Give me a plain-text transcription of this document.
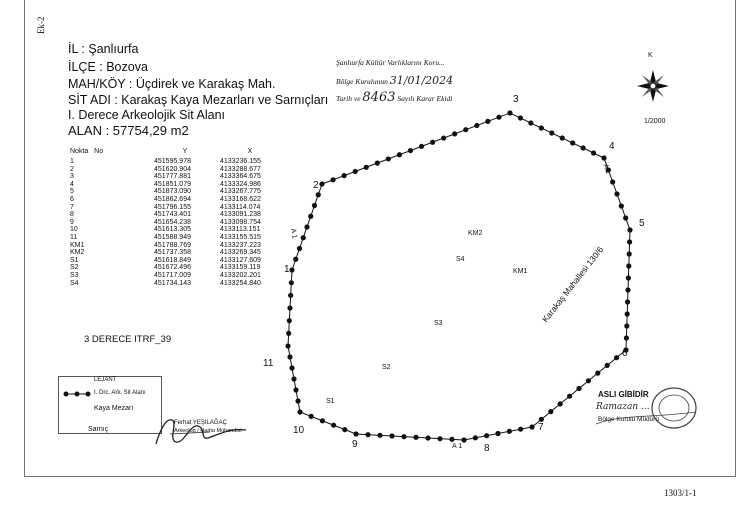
Ek-2
İL : Şanlıurfa
İLÇE : Bozova
MAH/KÖY : Üçdirek ve Karakaş Mah.
SİT ADI : Karakaş Kaya Mezarları ve Sarnıçları
I. Derece Arkeolojik Sit Alanı
ALAN : 57754,29 m2
Şanlıurfa Kültür Varlıklarını Koru...
Bölge Kurulunun 31/01/2024
Tarih ve 8463 Sayılı Karar Ekidi
Nokta No	Y	X
1	451595.978	4133236.155
2	451620.904	4133288.677
3	451777.881	4133364.675
4	451851.079	4133324.986
5	451873.090	4133267.775
6	451862.694	4133168.622
7	451796.155	4133114.074
8	451743.401	4133091.238
9	451654.238	4133098.754
10	451613.305	4133113.151
11	451588.949	4133155.515
KM1	451788.769	4133237.223
KM2	451737.358	4133269.345
S1	451618.849	4133127.609
S2	451672.496	4133159.119
S3	451717.009	4133202.201
S4	451734.143	4133254.840
3 DERECE ITRF_39
K
1/2000
1
2
3
4
5
6
7
8
9
10
11
KM2
S4
KM1
S3
S2
S1
A 1
A 1
A 1
Karakaş Mahallesi 130/6
LEJANT
I. Drc. Ark. Sit Alanı
Kaya Mezarı
Sarnıç
Ferhat YEŞILAĞAÇ
Arkeolog / Harita Mühendisi
ASLI GİBİDİR
Ramazan ...
Bölge Kurulu Müdürü
1303/1-1
